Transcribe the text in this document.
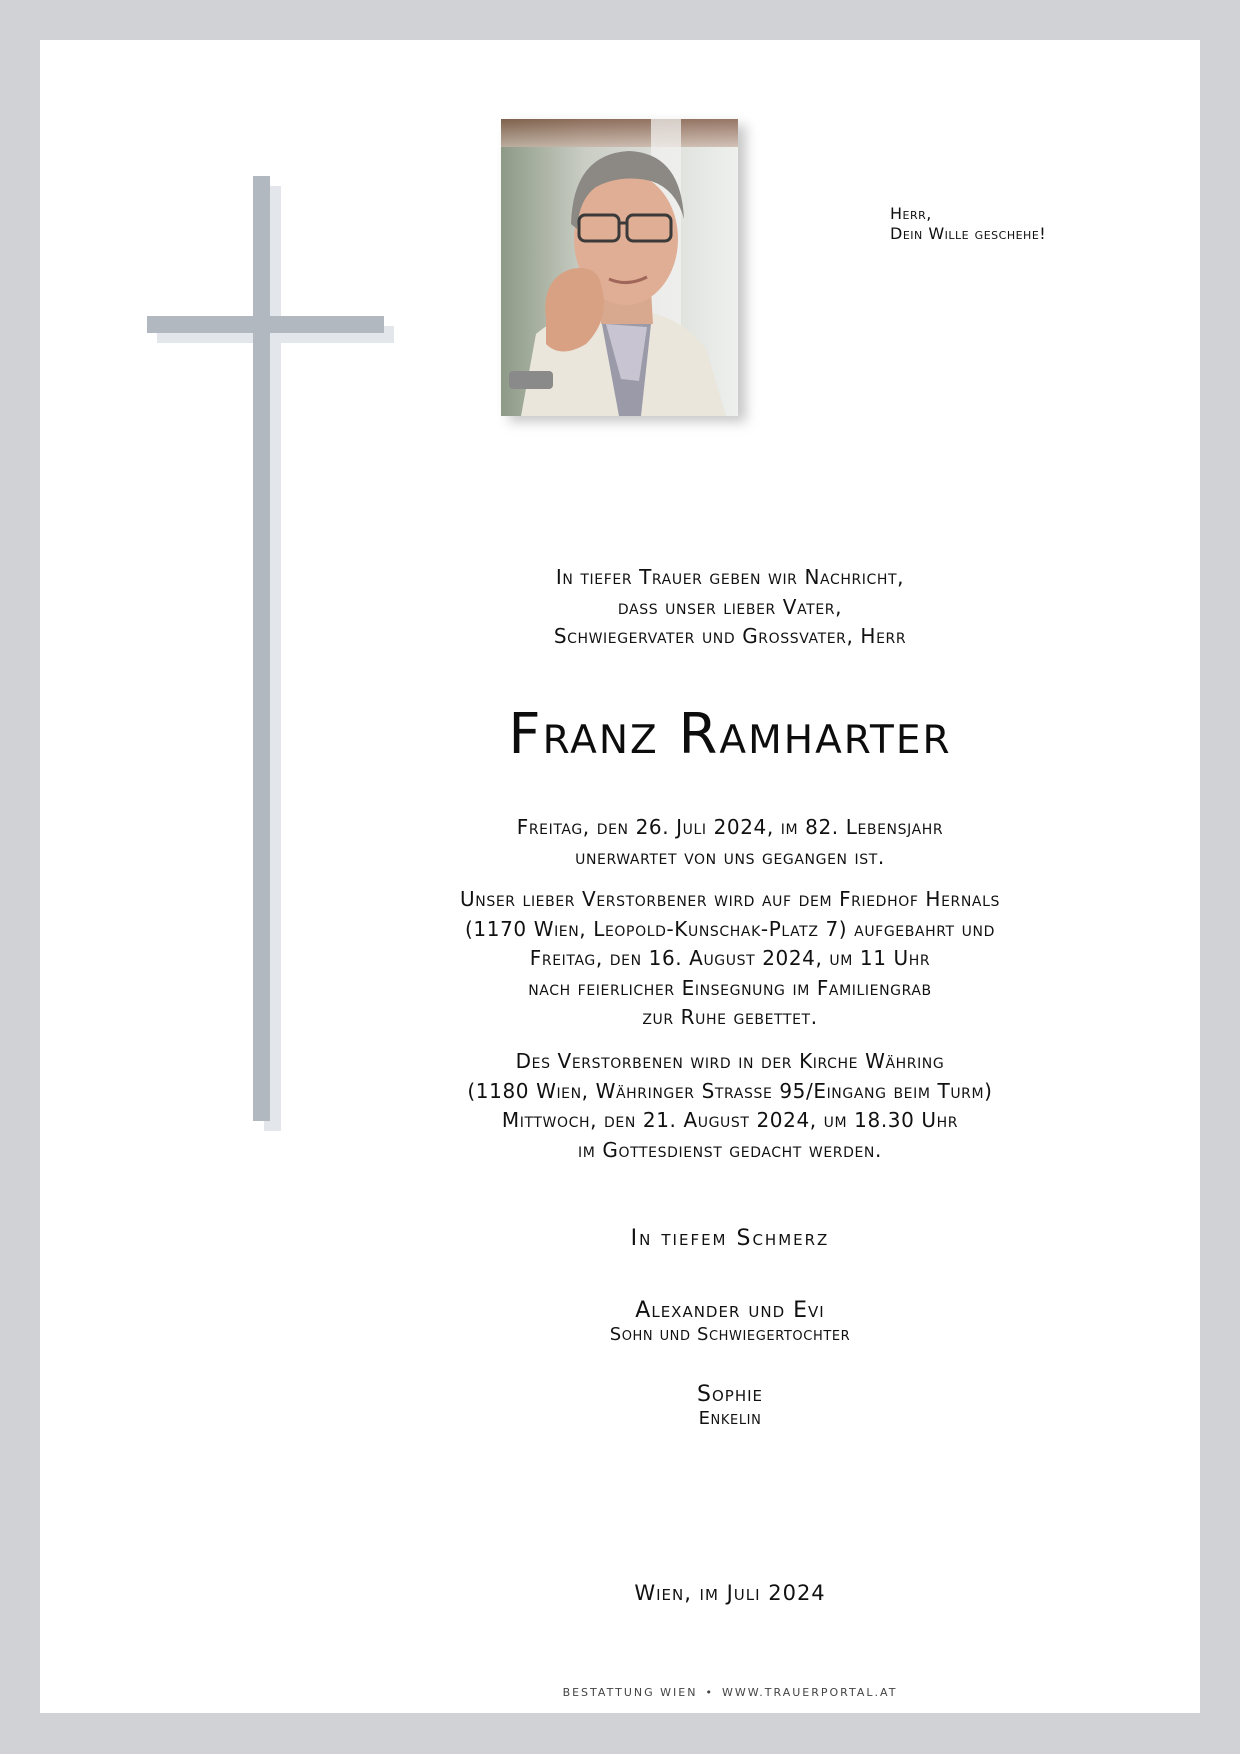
Herr,
Dein Wille geschehe!
In tiefer Trauer geben wir Nachricht,
dass unser lieber Vater,
Schwiegervater und Grossvater, Herr
Franz Ramharter
Freitag, den 26. Juli 2024, im 82. Lebensjahr
unerwartet von uns gegangen ist.
Unser lieber Verstorbener wird auf dem Friedhof Hernals
(1170 Wien, Leopold-Kunschak-Platz 7) aufgebahrt und
Freitag, den 16. August 2024, um 11 Uhr
nach feierlicher Einsegnung im Familiengrab
zur Ruhe gebettet.
Des Verstorbenen wird in der Kirche Währing
(1180 Wien, Währinger Strasse 95/Eingang beim Turm)
Mittwoch, den 21. August 2024, um 18.30 Uhr
im Gottesdienst gedacht werden.
In tiefem Schmerz
Alexander und Evi
Sohn und Schwiegertochter
Sophie
Enkelin
Wien, im Juli 2024
BESTATTUNG WIEN • WWW.TRAUERPORTAL.AT
